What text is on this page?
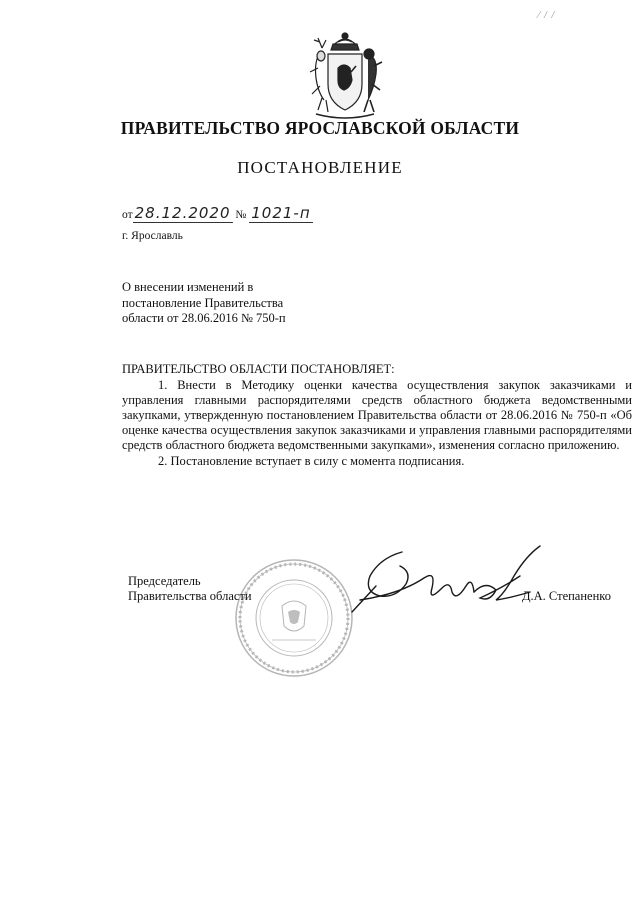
⁄ / /
ПРАВИТЕЛЬСТВО ЯРОСЛАВСКОЙ ОБЛАСТИ
ПОСТАНОВЛЕНИЕ
от 28.12.2020 № 1021-п
г. Ярославль
О внесении изменений в
постановление Правительства
области от 28.06.2016 № 750-п
ПРАВИТЕЛЬСТВО ОБЛАСТИ ПОСТАНОВЛЯЕТ:
1. Внести в Методику оценки качества осуществления закупок заказчиками и управления главными распорядителями средств областного бюджета ведомственными закупками, утвержденную постановлением Правительства области от 28.06.2016 № 750-п «Об оценке качества осуществления закупок заказчиками и управления главными распорядителями средств областного бюджета ведомственными закупками», изменения согласно приложению.
2. Постановление вступает в силу с момента подписания.
Председатель
Правительства области	Д.А. Степаненко
